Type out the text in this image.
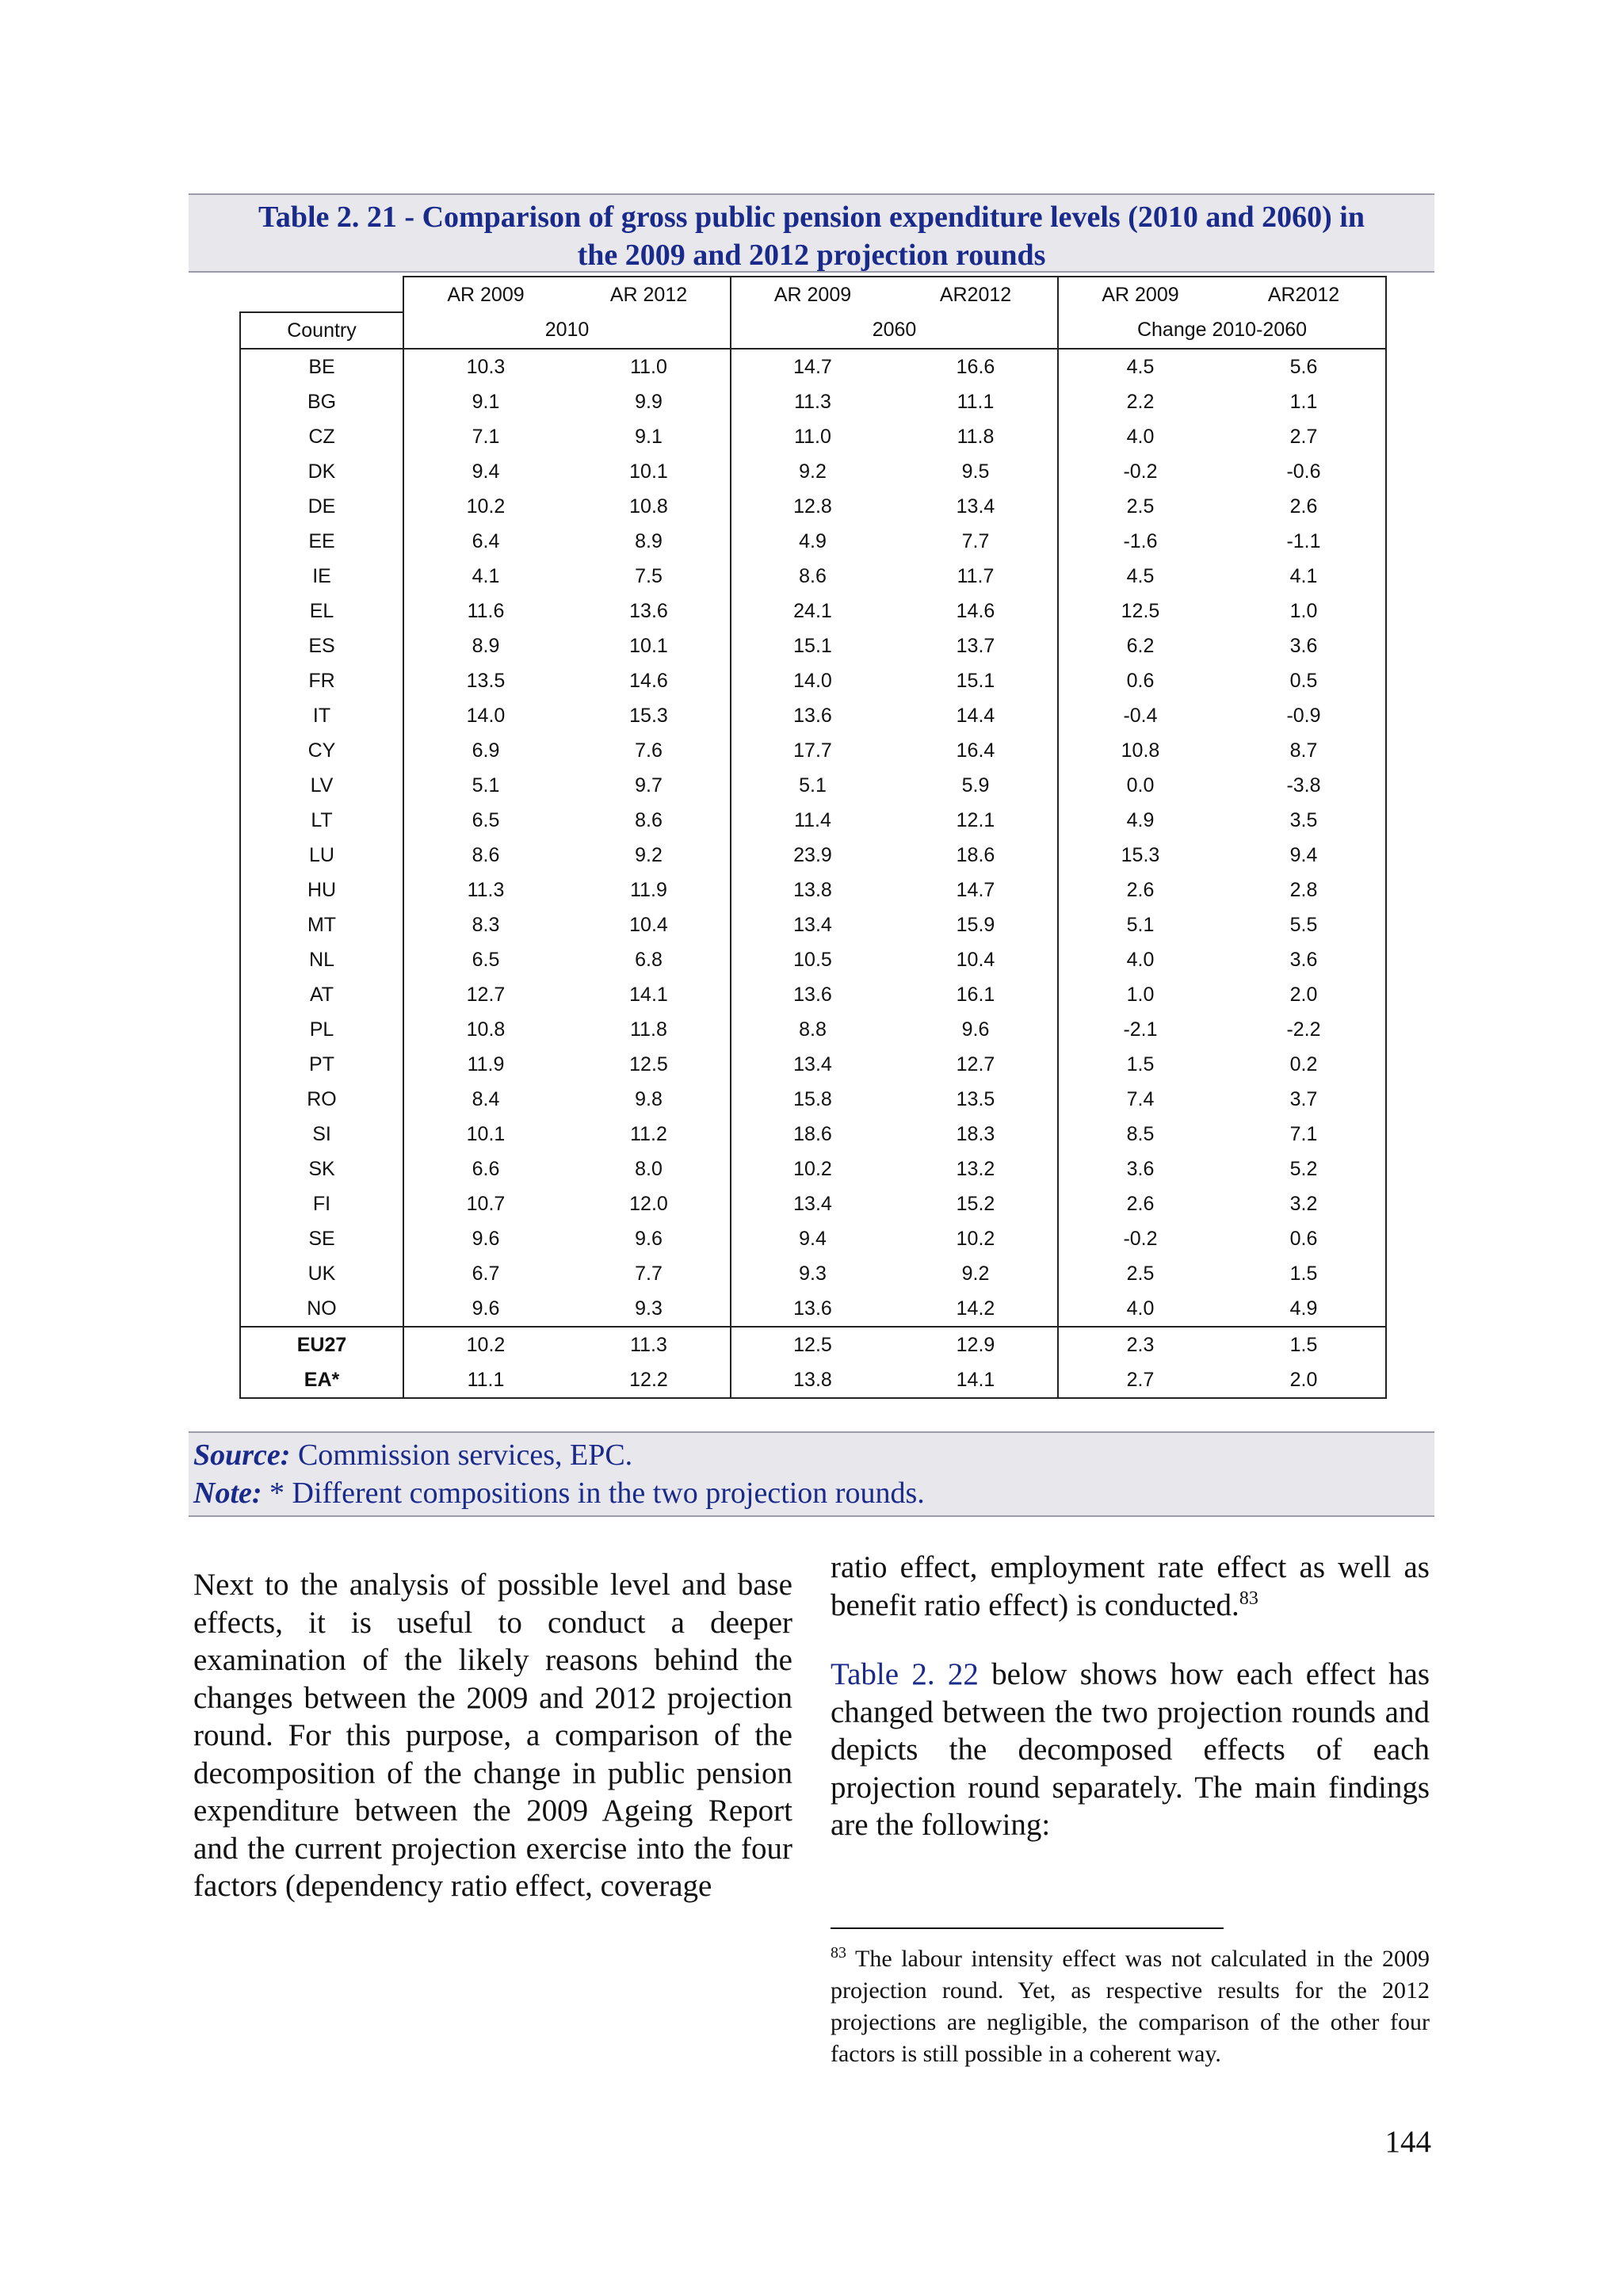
Table 2. 21 - Comparison of gross public pension expenditure levels (2010 and 2060) in
the 2009 and 2012 projection rounds
	AR 2009	AR 2012	AR 2009	AR2012	AR 2009	AR2012
Country	2010		2060		Change 2010-2060	
BE	10.3	11.0	14.7	16.6	4.5	5.6
BG	9.1	9.9	11.3	11.1	2.2	1.1
CZ	7.1	9.1	11.0	11.8	4.0	2.7
DK	9.4	10.1	9.2	9.5	-0.2	-0.6
DE	10.2	10.8	12.8	13.4	2.5	2.6
EE	6.4	8.9	4.9	7.7	-1.6	-1.1
IE	4.1	7.5	8.6	11.7	4.5	4.1
EL	11.6	13.6	24.1	14.6	12.5	1.0
ES	8.9	10.1	15.1	13.7	6.2	3.6
FR	13.5	14.6	14.0	15.1	0.6	0.5
IT	14.0	15.3	13.6	14.4	-0.4	-0.9
CY	6.9	7.6	17.7	16.4	10.8	8.7
LV	5.1	9.7	5.1	5.9	0.0	-3.8
LT	6.5	8.6	11.4	12.1	4.9	3.5
LU	8.6	9.2	23.9	18.6	15.3	9.4
HU	11.3	11.9	13.8	14.7	2.6	2.8
MT	8.3	10.4	13.4	15.9	5.1	5.5
NL	6.5	6.8	10.5	10.4	4.0	3.6
AT	12.7	14.1	13.6	16.1	1.0	2.0
PL	10.8	11.8	8.8	9.6	-2.1	-2.2
PT	11.9	12.5	13.4	12.7	1.5	0.2
RO	8.4	9.8	15.8	13.5	7.4	3.7
SI	10.1	11.2	18.6	18.3	8.5	7.1
SK	6.6	8.0	10.2	13.2	3.6	5.2
FI	10.7	12.0	13.4	15.2	2.6	3.2
SE	9.6	9.6	9.4	10.2	-0.2	0.6
UK	6.7	7.7	9.3	9.2	2.5	1.5
NO	9.6	9.3	13.6	14.2	4.0	4.9
EU27	10.2	11.3	12.5	12.9	2.3	1.5
EA*	11.1	12.2	13.8	14.1	2.7	2.0
Source: Commission services, EPC.
Note: * Different compositions in the two projection rounds.

Next to the analysis of possible level and base effects, it is useful to conduct a deeper examination of the likely reasons behind the changes between the 2009 and 2012 projection round. For this purpose, a comparison of the decomposition of the change in public pension expenditure between the 2009 Ageing Report and the current projection exercise into the four factors (dependency ratio effect, coverage

ratio effect, employment rate effect as well as benefit ratio effect) is conducted.$^{83}$

Table 2. 22 below shows how each effect has changed between the two projection rounds and depicts the decomposed effects of each projection round separately. The main findings are the following:

$^{83}$ The labour intensity effect was not calculated in the 2009 projection round. Yet, as respective results for the 2012 projections are negligible, the comparison of the other four factors is still possible in a coherent way.
144
